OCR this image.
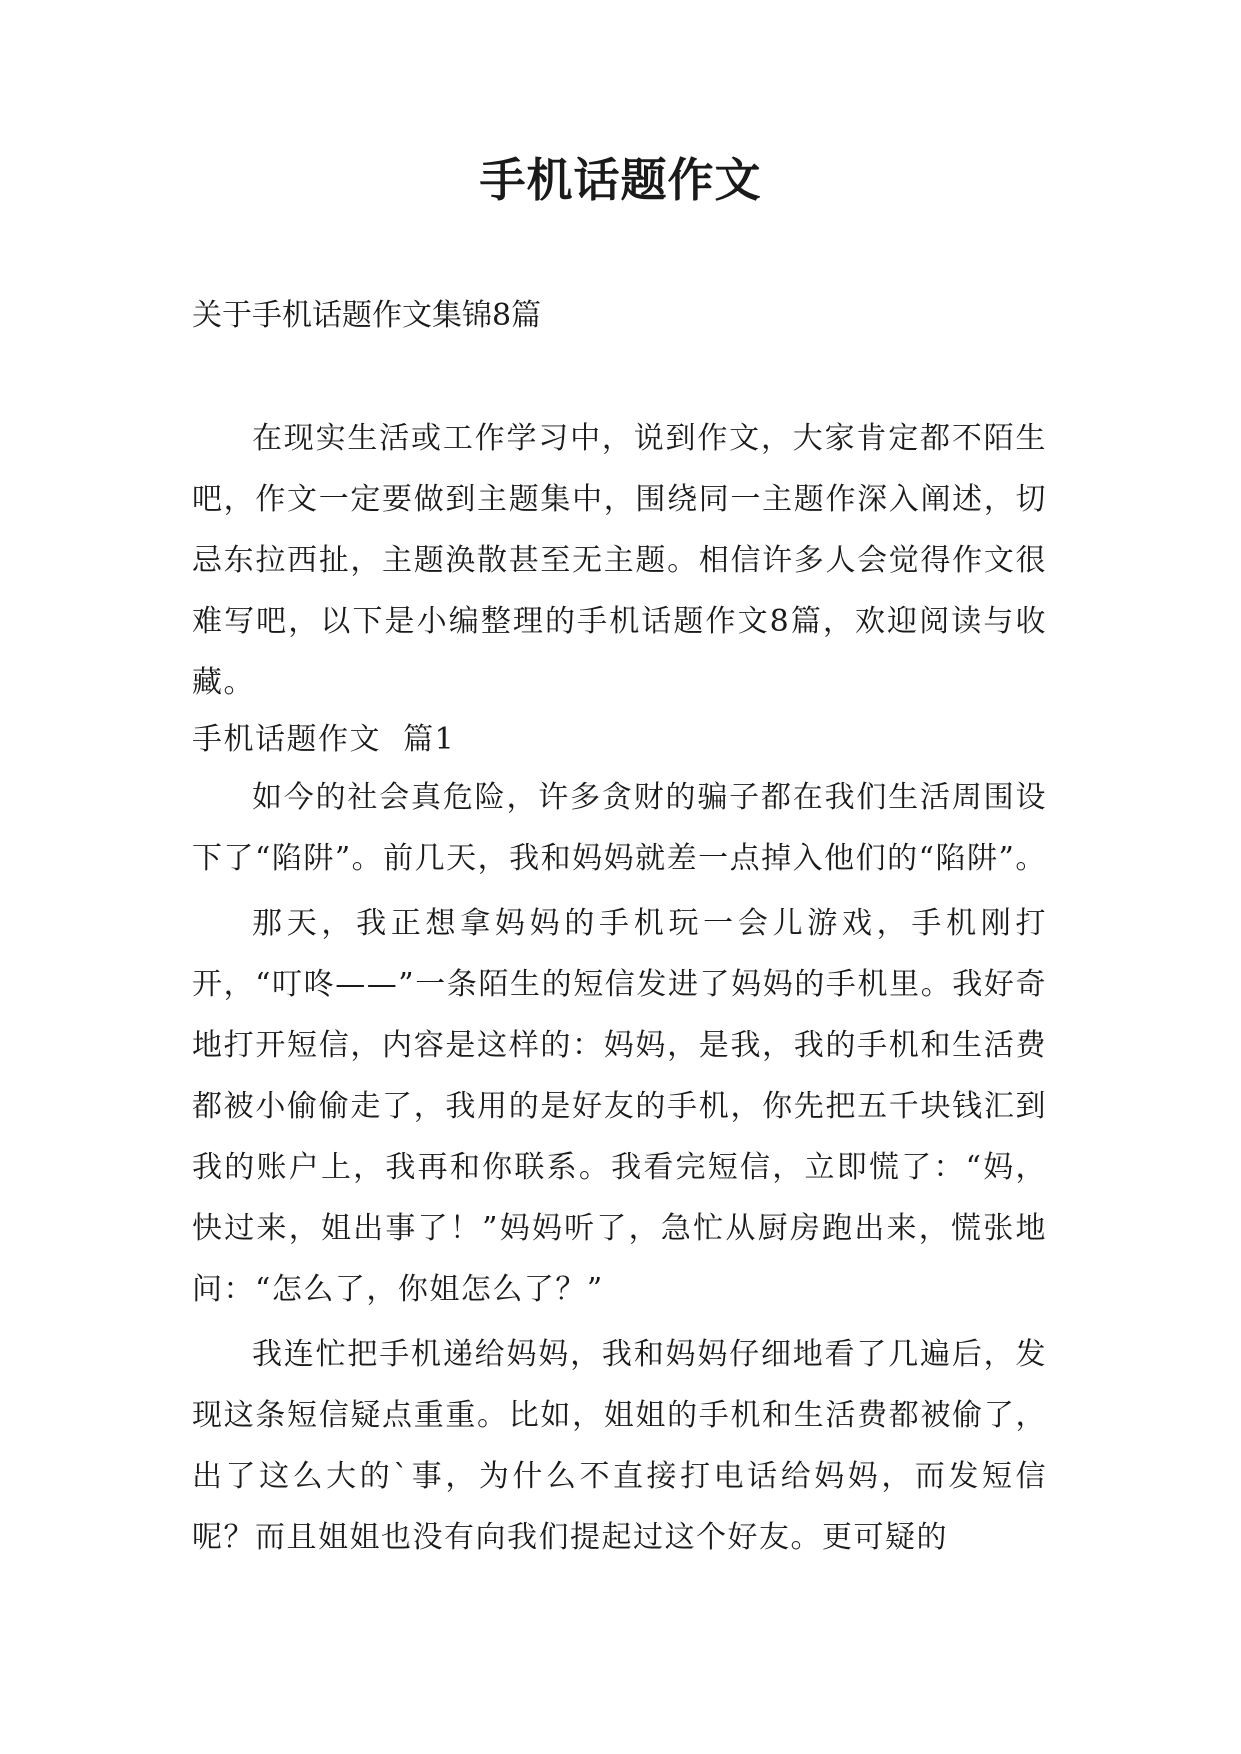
手机话题作文

关于手机话题作文集锦8篇

在现实生活或工作学习中，说到作文，大家肯定都不陌生吧，作文一定要做到主题集中，围绕同一主题作深入阐述，切忌东拉西扯，主题涣散甚至无主题。相信许多人会觉得作文很难写吧，以下是小编整理的手机话题作文8篇，欢迎阅读与收藏。

手机话题作文  篇1

如今的社会真危险，许多贪财的骗子都在我们生活周围设下了“陷阱”。前几天，我和妈妈就差一点掉入他们的“陷阱”。

那天，我正想拿妈妈的手机玩一会儿游戏，手机刚打开，“叮咚——”一条陌生的短信发进了妈妈的手机里。我好奇地打开短信，内容是这样的：妈妈，是我，我的手机和生活费都被小偷偷走了，我用的是好友的手机，你先把五千块钱汇到我的账户上，我再和你联系。我看完短信，立即慌了：“妈，快过来，姐出事了！”妈妈听了，急忙从厨房跑出来，慌张地问：“怎么了，你姐怎么了？”

我连忙把手机递给妈妈，我和妈妈仔细地看了几遍后，发现这条短信疑点重重。比如，姐姐的手机和生活费都被偷了，出了这么大的`事，为什么不直接打电话给妈妈，而发短信呢？而且姐姐也没有向我们提起过这个好友。更可疑的
